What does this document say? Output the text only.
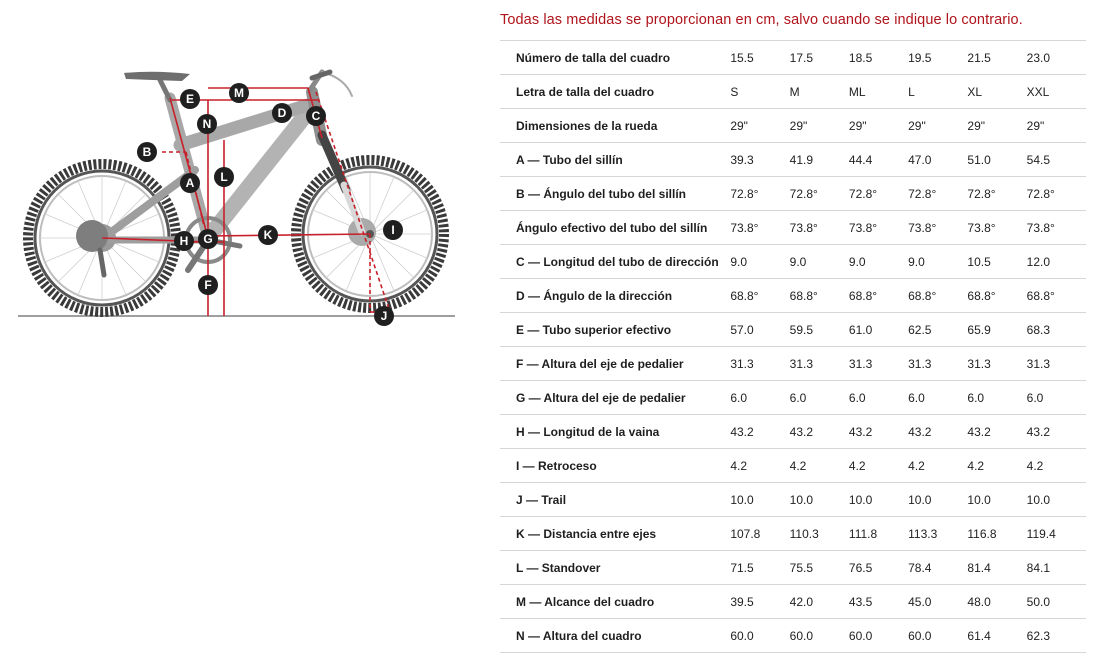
A
B
C
D
E
F
G
H
I
J
K
L
M
N
Todas las medidas se proporcionan en cm, salvo cuando se indique lo contrario.
Número de talla del cuadro	15.5	17.5	18.5	19.5	21.5	23.0
Letra de talla del cuadro	S	M	ML	L	XL	XXL
Dimensiones de la rueda	29"	29"	29"	29"	29"	29"
A — Tubo del sillín	39.3	41.9	44.4	47.0	51.0	54.5
B — Ángulo del tubo del sillín	72.8°	72.8°	72.8°	72.8°	72.8°	72.8°
Ángulo efectivo del tubo del sillín	73.8°	73.8°	73.8°	73.8°	73.8°	73.8°
C — Longitud del tubo de dirección	9.0	9.0	9.0	9.0	10.5	12.0
D — Ángulo de la dirección	68.8°	68.8°	68.8°	68.8°	68.8°	68.8°
E — Tubo superior efectivo	57.0	59.5	61.0	62.5	65.9	68.3
F — Altura del eje de pedalier	31.3	31.3	31.3	31.3	31.3	31.3
G — Altura del eje de pedalier	6.0	6.0	6.0	6.0	6.0	6.0
H — Longitud de la vaina	43.2	43.2	43.2	43.2	43.2	43.2
I — Retroceso	4.2	4.2	4.2	4.2	4.2	4.2
J — Trail	10.0	10.0	10.0	10.0	10.0	10.0
K — Distancia entre ejes	107.8	110.3	111.8	113.3	116.8	119.4
L — Standover	71.5	75.5	76.5	78.4	81.4	84.1
M — Alcance del cuadro	39.5	42.0	43.5	45.0	48.0	50.0
N — Altura del cuadro	60.0	60.0	60.0	60.0	61.4	62.3
